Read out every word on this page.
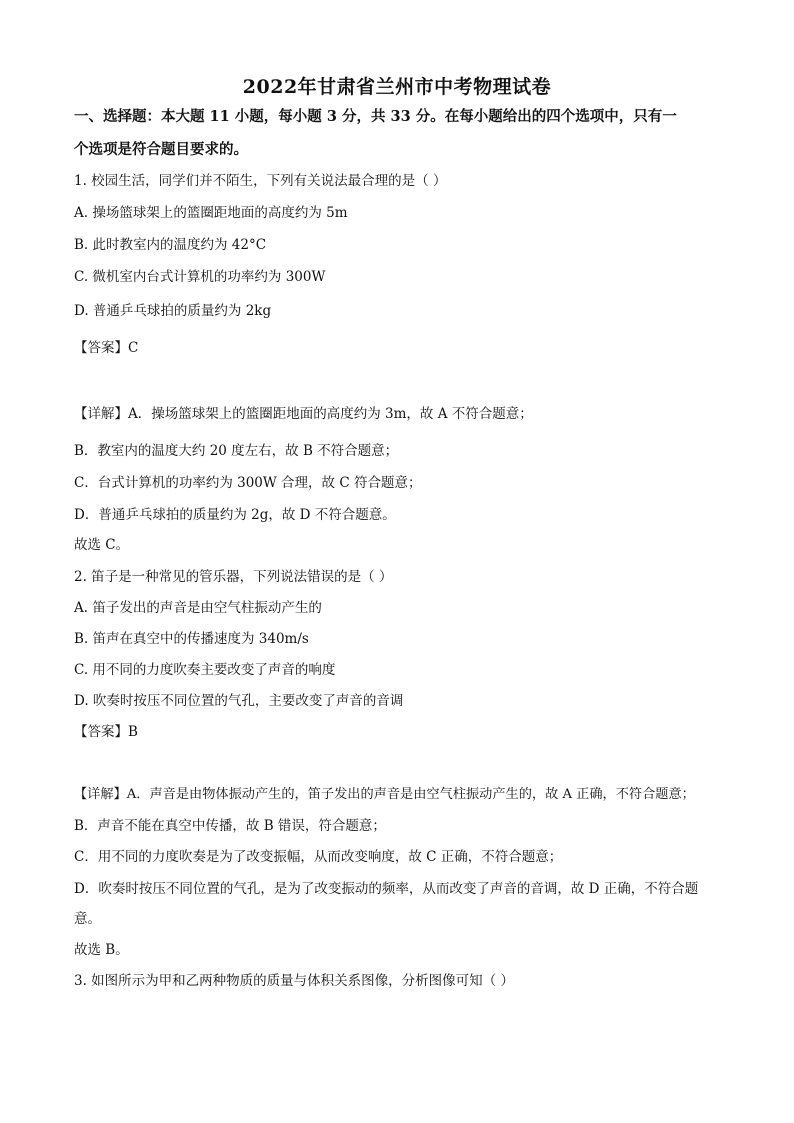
2022年甘肃省兰州市中考物理试卷
一、选择题：本大题 11 小题，每小题 3 分，共 33 分。在每小题给出的四个选项中，只有一
个选项是符合题目要求的。
1. 校园生活，同学们并不陌生，下列有关说法最合理的是（ ）
A. 操场篮球架上的篮圈距地面的高度约为 5m
B. 此时教室内的温度约为 42°C
C. 微机室内台式计算机的功率约为 300W
D. 普通乒乓球拍的质量约为 2kg
【答案】C
【详解】A．操场篮球架上的篮圈距地面的高度约为 3m，故 A 不符合题意；
B．教室内的温度大约 20 度左右，故 B 不符合题意；
C．台式计算机的功率约为 300W 合理，故 C 符合题意；
D．普通乒乓球拍的质量约为 2g，故 D 不符合题意。
故选 C。
2. 笛子是一种常见的管乐器，下列说法错误的是（ ）
A. 笛子发出的声音是由空气柱振动产生的
B. 笛声在真空中的传播速度为 340m/s
C. 用不同的力度吹奏主要改变了声音的响度
D. 吹奏时按压不同位置的气孔，主要改变了声音的音调
【答案】B
【详解】A．声音是由物体振动产生的，笛子发出的声音是由空气柱振动产生的，故 A 正确，不符合题意；
B．声音不能在真空中传播，故 B 错误，符合题意；
C．用不同的力度吹奏是为了改变振幅，从而改变响度，故 C 正确，不符合题意；
D．吹奏时按压不同位置的气孔，是为了改变振动的频率，从而改变了声音的音调，故 D 正确，不符合题
意。
故选 B。
3. 如图所示为甲和乙两种物质的质量与体积关系图像，分析图像可知（ ）
